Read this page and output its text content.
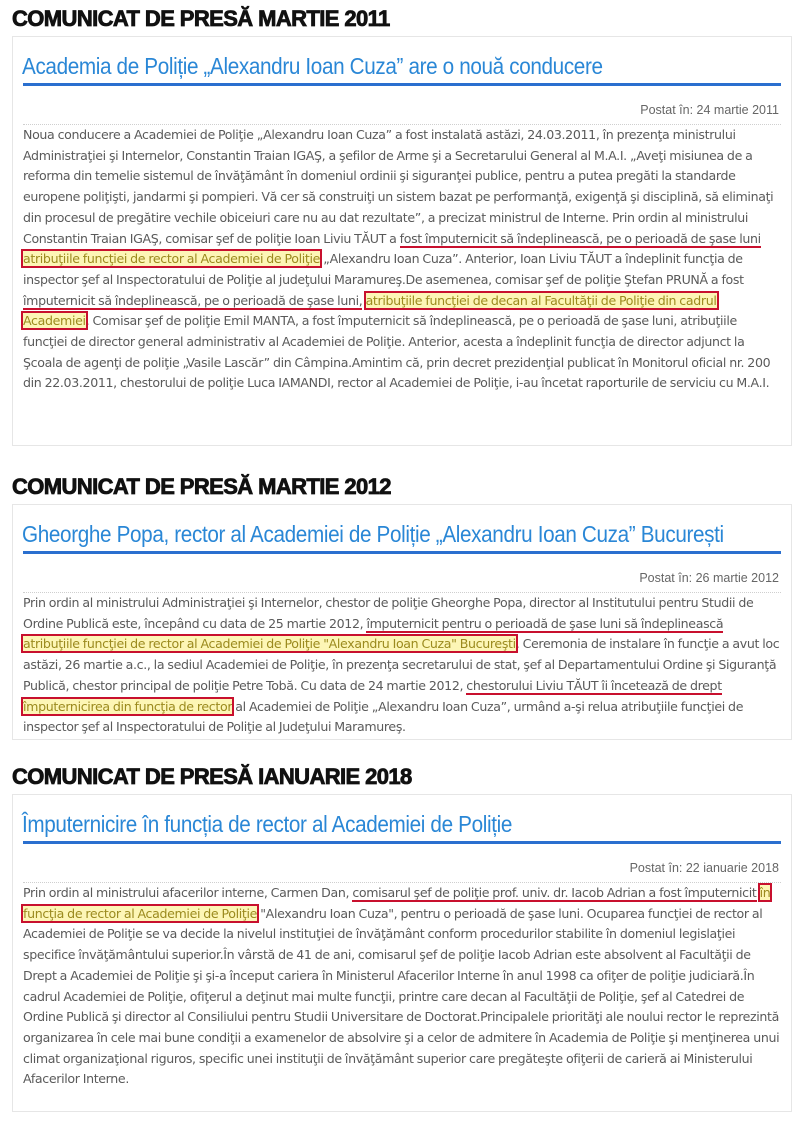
COMUNICAT DE PRESĂ MARTIE 2011
Academia de Poliție „Alexandru Ioan Cuza” are o nouă conducere
Postat în: 24 martie 2011
Noua conducere a Academiei de Poliţie „Alexandru Ioan Cuza” a fost instalată astăzi, 24.03.2011, în prezenţa ministrului Administraţiei şi Internelor, Constantin Traian IGAŞ, a şefilor de Arme şi a Secretarului General al M.A.I. „Aveţi misiunea de a reforma din temelie sistemul de învăţământ în domeniul ordinii şi siguranţei publice, pentru a putea pregăti la standarde europene poliţişti, jandarmi şi pompieri. Vă cer să construiţi un sistem bazat pe performanţă, exigenţă şi disciplină, să eliminaţi din procesul de pregătire vechile obiceiuri care nu au dat rezultate”, a precizat ministrul de Interne. Prin ordin al ministrului Constantin Traian IGAŞ, comisar şef de poliţie Ioan Liviu TĂUT a fost împuternicit să îndeplinească, pe o perioadă de şase luni atribuţiile funcţiei de rector al Academiei de Poliţie „Alexandru Ioan Cuza”. Anterior, Ioan Liviu TĂUT a îndeplinit funcţia de inspector şef al Inspectoratului de Poliţie al judeţului Maramureş.De asemenea, comisar şef de poliţie Ştefan PRUNĂ a fost împuternicit să îndeplinească, pe o perioadă de şase luni, atribuţiile funcţiei de decan al Facultăţii de Poliţie din cadrul Academiei. Comisar şef de poliţie Emil MANTA, a fost împuternicit să îndeplinească, pe o perioadă de şase luni, atribuţiile funcţiei de director general administrativ al Academiei de Poliţie. Anterior, acesta a îndeplinit funcţia de director adjunct la Şcoala de agenţi de poliţie „Vasile Lascăr” din Câmpina.Amintim că, prin decret prezidenţial publicat în Monitorul oficial nr. 200 din 22.03.2011, chestorului de poliţie Luca IAMANDI, rector al Academiei de Poliţie, i-au încetat raporturile de serviciu cu M.A.I.
COMUNICAT DE PRESĂ MARTIE 2012
Gheorghe Popa, rector al Academiei de Poliție „Alexandru Ioan Cuza” București
Postat în: 26 martie 2012
Prin ordin al ministrului Administraţiei şi Internelor, chestor de poliţie Gheorghe Popa, director al Institutului pentru Studii de Ordine Publică este, începând cu data de 25 martie 2012, împuternicit pentru o perioadă de şase luni să îndeplinească atribuţiile funcţiei de rector al Academiei de Poliţie "Alexandru Ioan Cuza" Bucureşti. Ceremonia de instalare în funcţie a avut loc astăzi, 26 martie a.c., la sediul Academiei de Poliţie, în prezenţa secretarului de stat, şef al Departamentului Ordine şi Siguranţă Publică, chestor principal de poliţie Petre Tobă. Cu data de 24 martie 2012, chestorului Liviu TĂUT îi încetează de drept împuternicirea din funcţia de rector al Academiei de Poliţie „Alexandru Ioan Cuza”, urmând a-şi relua atribuţiile funcţiei de inspector şef al Inspectoratului de Poliţie al Judeţului Maramureş.
COMUNICAT DE PRESĂ IANUARIE 2018
Împuternicire în funcția de rector al Academiei de Poliție
Postat în: 22 ianuarie 2018
Prin ordin al ministrului afacerilor interne, Carmen Dan, comisarul şef de poliţie prof. univ. dr. Iacob Adrian a fost împuternicit în funcţia de rector al Academiei de Poliţie "Alexandru Ioan Cuza", pentru o perioadă de şase luni. Ocuparea funcţiei de rector al Academiei de Poliţie se va decide la nivelul instituţiei de învăţământ conform procedurilor stabilite în domeniul legislaţiei specifice învăţământului superior.În vârstă de 41 de ani, comisarul şef de poliţie Iacob Adrian este absolvent al Facultăţii de Drept a Academiei de Poliţie şi şi-a început cariera în Ministerul Afacerilor Interne în anul 1998 ca ofiţer de poliţie judiciară.În cadrul Academiei de Poliţie, ofiţerul a deţinut mai multe funcţii, printre care decan al Facultăţii de Poliţie, şef al Catedrei de Ordine Publică şi director al Consiliului pentru Studii Universitare de Doctorat.Principalele priorităţi ale noului rector le reprezintă organizarea în cele mai bune condiţii a examenelor de absolvire şi a celor de admitere în Academia de Poliţie şi menţinerea unui climat organizaţional riguros, specific unei instituţii de învăţământ superior care pregăteşte ofiţerii de carieră ai Ministerului Afacerilor Interne.
